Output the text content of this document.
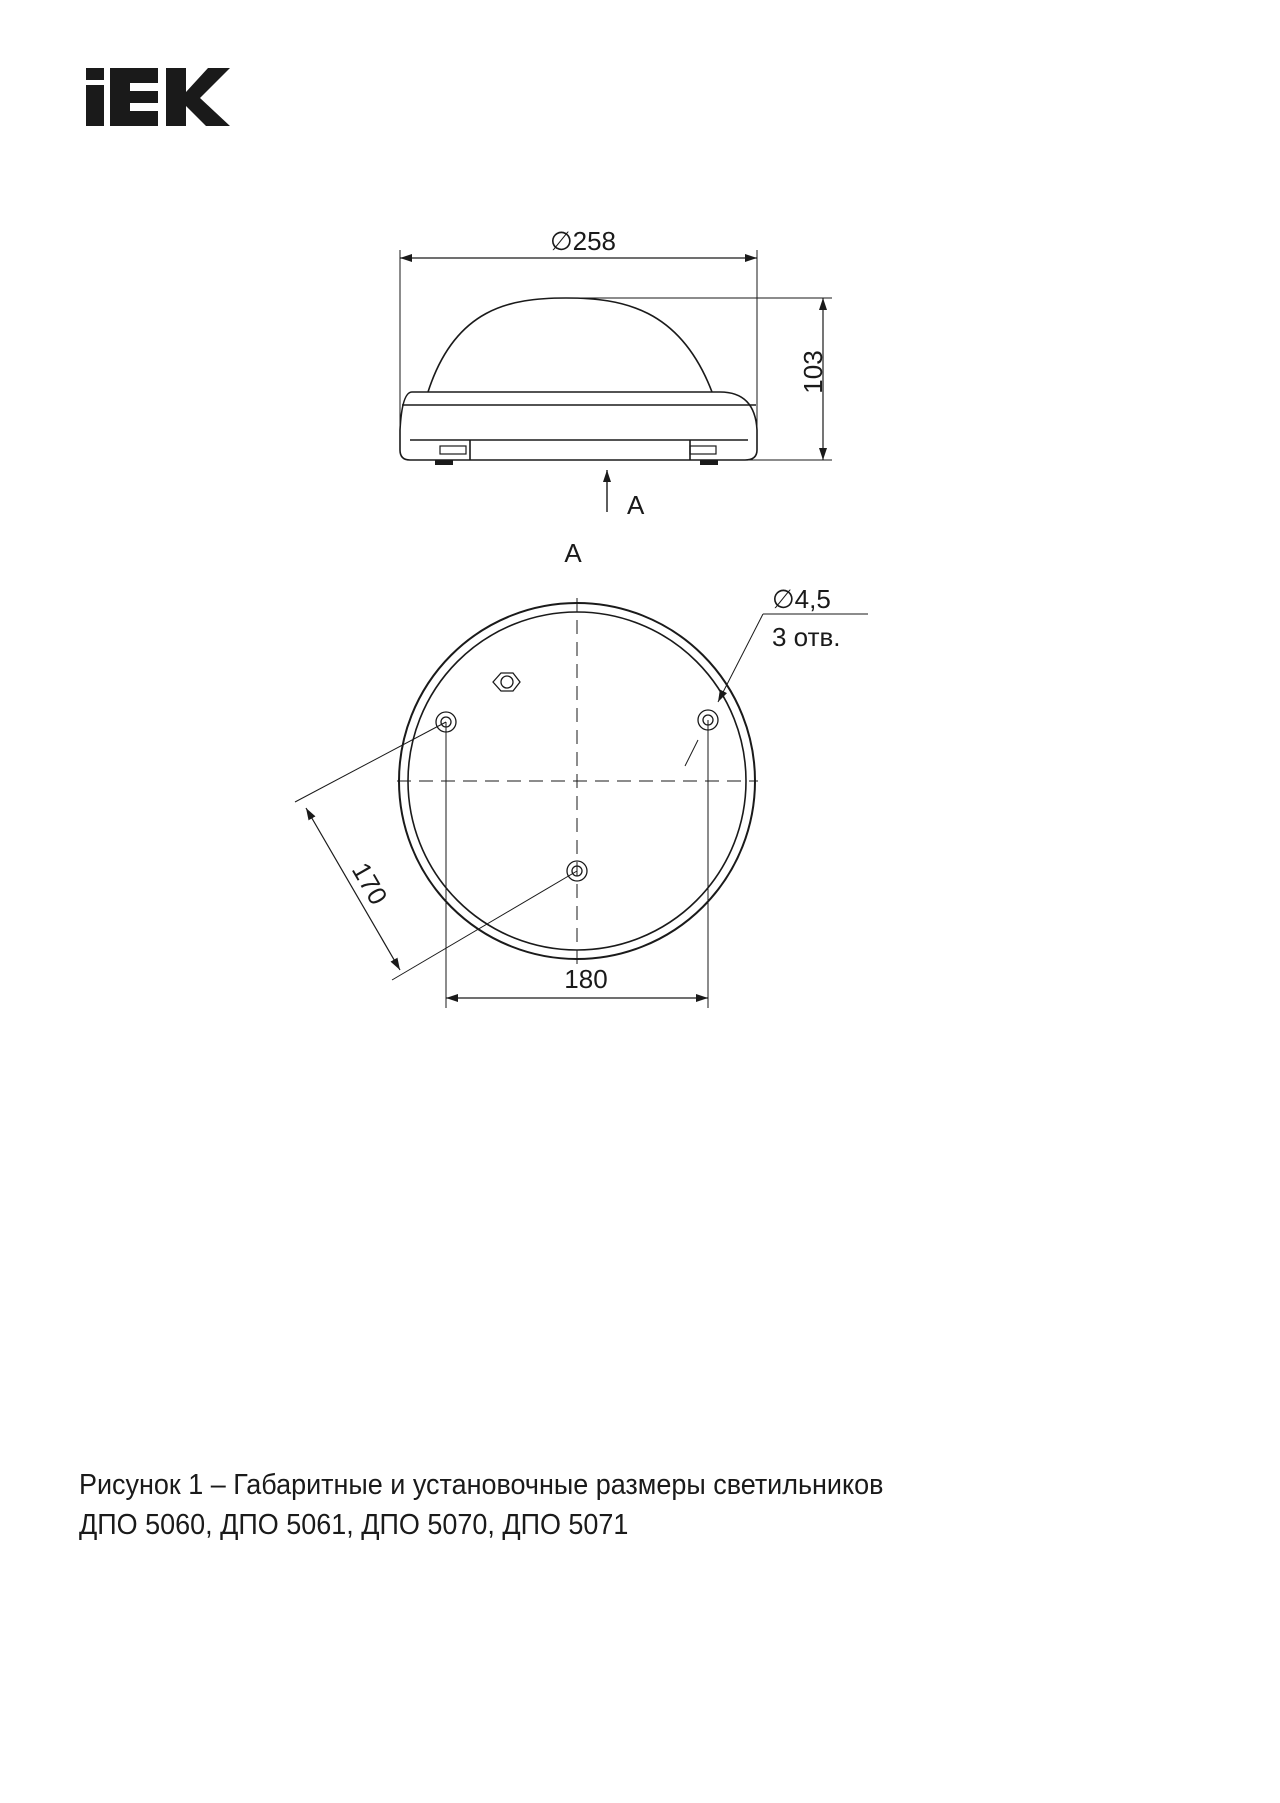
∅258
103
A
A
∅4,5
3 отв.
170
180
Рисунок 1 – Габаритные и установочные размеры светильников
ДПО 5060, ДПО 5061, ДПО 5070, ДПО 5071
